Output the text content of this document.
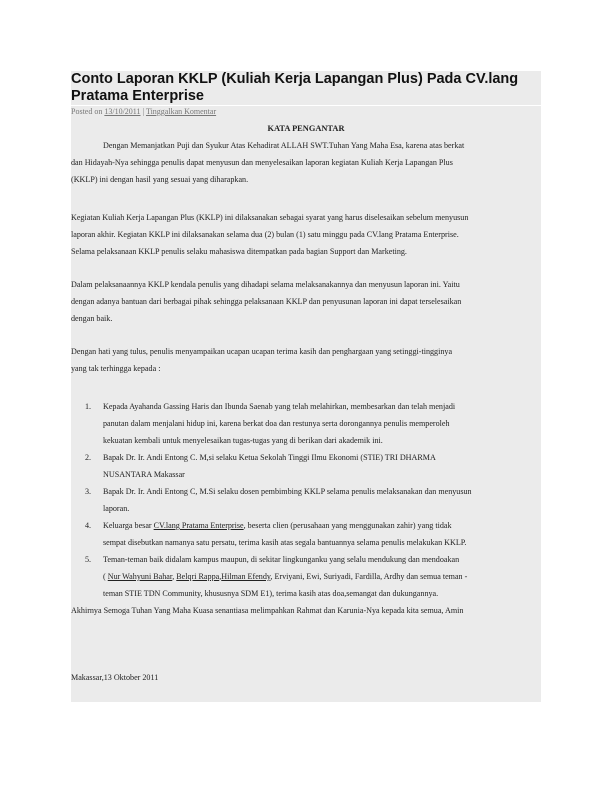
Conto Laporan KKLP (Kuliah Kerja Lapangan Plus) Pada CV.lang Pratama Enterprise
Posted on 13/10/2011 | Tinggalkan Komentar
KATA PENGANTAR
Dengan Memanjatkan Puji dan Syukur Atas Kehadirat ALLAH SWT.Tuhan Yang Maha Esa, karena atas berkat
dan Hidayah-Nya sehingga penulis dapat menyusun dan menyelesaikan laporan kegiatan Kuliah Kerja Lapangan Plus
(KKLP) ini dengan hasil yang sesuai yang diharapkan.
Kegiatan Kuliah Kerja Lapangan Plus (KKLP) ini dilaksanakan sebagai syarat yang harus diselesaikan sebelum menyusun
laporan akhir. Kegiatan KKLP ini dilaksanakan selama dua (2) bulan (1) satu minggu pada CV.lang Pratama Enterprise.
Selama pelaksanaan KKLP penulis selaku mahasiswa ditempatkan pada bagian Support dan Marketing.
Dalam pelaksanaannya KKLP kendala penulis yang dihadapi selama melaksanakannya dan menyusun laporan ini. Yaitu
dengan adanya bantuan dari berbagai pihak sehingga pelaksanaan KKLP dan penyusunan laporan ini dapat terselesaikan
dengan baik.
Dengan hati yang tulus, penulis menyampaikan ucapan ucapan terima kasih dan penghargaan yang setinggi-tingginya
yang tak terhingga kepada :
1. Kepada Ayahanda Gassing Haris dan Ibunda Saenab yang telah melahirkan, membesarkan dan telah menjadi
panutan dalam menjalani hidup ini, karena berkat doa dan restunya serta dorongannya penulis memperoleh
kekuatan kembali untuk menyelesaikan tugas-tugas yang di berikan dari akademik ini.
2. Bapak Dr. Ir. Andi Entong C. M,si selaku Ketua Sekolah Tinggi Ilmu Ekonomi (STIE) TRI DHARMA
NUSANTARA Makassar
3. Bapak Dr. Ir. Andi Entong C, M.Si selaku dosen pembimbing KKLP selama penulis melaksanakan dan menyusun
laporan.
4. Keluarga besar CV.lang Pratama Enterprise, beserta clien (perusahaan yang menggunakan zahir) yang tidak
sempat disebutkan namanya satu persatu, terima kasih atas segala bantuannya selama penulis melakukan KKLP.
5. Teman-teman baik didalam kampus maupun, di sekitar lingkunganku yang selalu mendukung dan mendoakan
( Nur Wahyuni Bahar, Belqri Rappa,Hilman Efendy, Erviyani, Ewi, Suriyadi, Fardilla, Ardhy dan semua teman -
teman STIE TDN Community, khususnya SDM E1), terima kasih atas doa,semangat dan dukungannya.
Akhirnya Semoga Tuhan Yang Maha Kuasa senantiasa melimpahkan Rahmat dan Karunia-Nya kepada kita semua, Amin
Makassar,13 Oktober 2011
